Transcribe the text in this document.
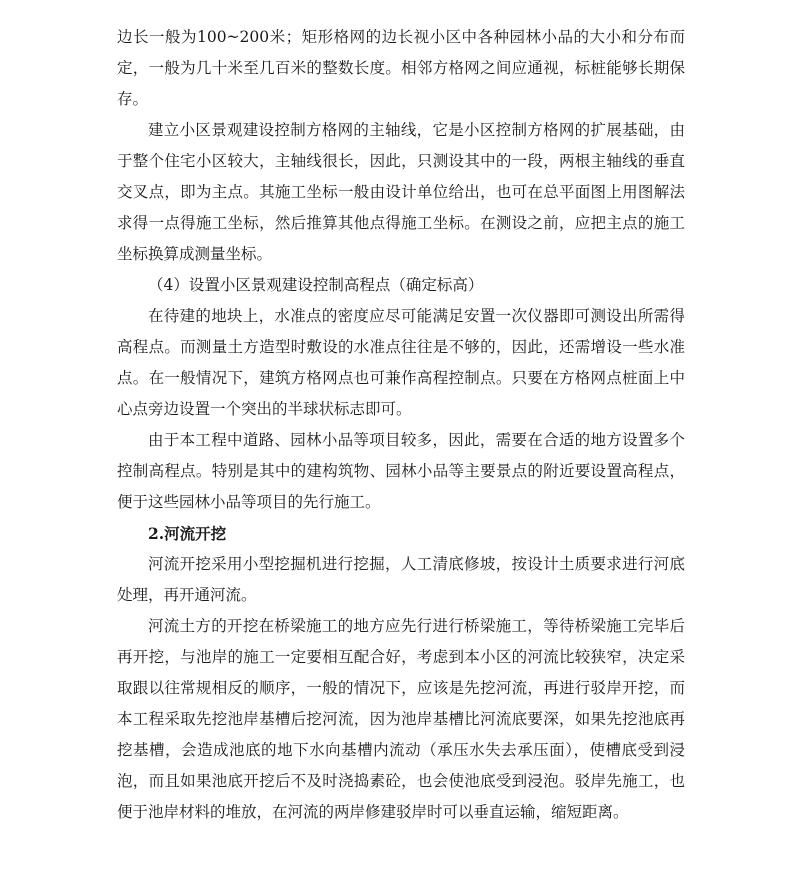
边长一般为100~200米；矩形格网的边长视小区中各种园林小品的大小和分布而定，一般为几十米至几百米的整数长度。相邻方格网之间应通视，标桩能够长期保存。

建立小区景观建设控制方格网的主轴线，它是小区控制方格网的扩展基础，由于整个住宅小区较大，主轴线很长，因此，只测设其中的一段，两根主轴线的垂直交叉点，即为主点。其施工坐标一般由设计单位给出，也可在总平面图上用图解法求得一点得施工坐标，然后推算其他点得施工坐标。在测设之前，应把主点的施工坐标换算成测量坐标。

（4）设置小区景观建设控制高程点（确定标高）

在待建的地块上，水准点的密度应尽可能满足安置一次仪器即可测设出所需得高程点。而测量土方造型时敷设的水准点往往是不够的，因此，还需增设一些水准点。在一般情况下，建筑方格网点也可兼作高程控制点。只要在方格网点桩面上中心点旁边设置一个突出的半球状标志即可。

由于本工程中道路、园林小品等项目较多，因此，需要在合适的地方设置多个控制高程点。特别是其中的建构筑物、园林小品等主要景点的附近要设置高程点，便于这些园林小品等项目的先行施工。

2.河流开挖

河流开挖采用小型挖掘机进行挖掘，人工清底修坡，按设计土质要求进行河底处理，再开通河流。

河流土方的开挖在桥梁施工的地方应先行进行桥梁施工，等待桥梁施工完毕后再开挖，与池岸的施工一定要相互配合好，考虑到本小区的河流比较狭窄，决定采取跟以往常规相反的顺序，一般的情况下，应该是先挖河流，再进行驳岸开挖，而本工程采取先挖池岸基槽后挖河流，因为池岸基槽比河流底要深，如果先挖池底再挖基槽，会造成池底的地下水向基槽内流动（承压水失去承压面），使槽底受到浸泡，而且如果池底开挖后不及时浇捣素砼，也会使池底受到浸泡。驳岸先施工，也便于池岸材料的堆放，在河流的两岸修建驳岸时可以垂直运输，缩短距离。
